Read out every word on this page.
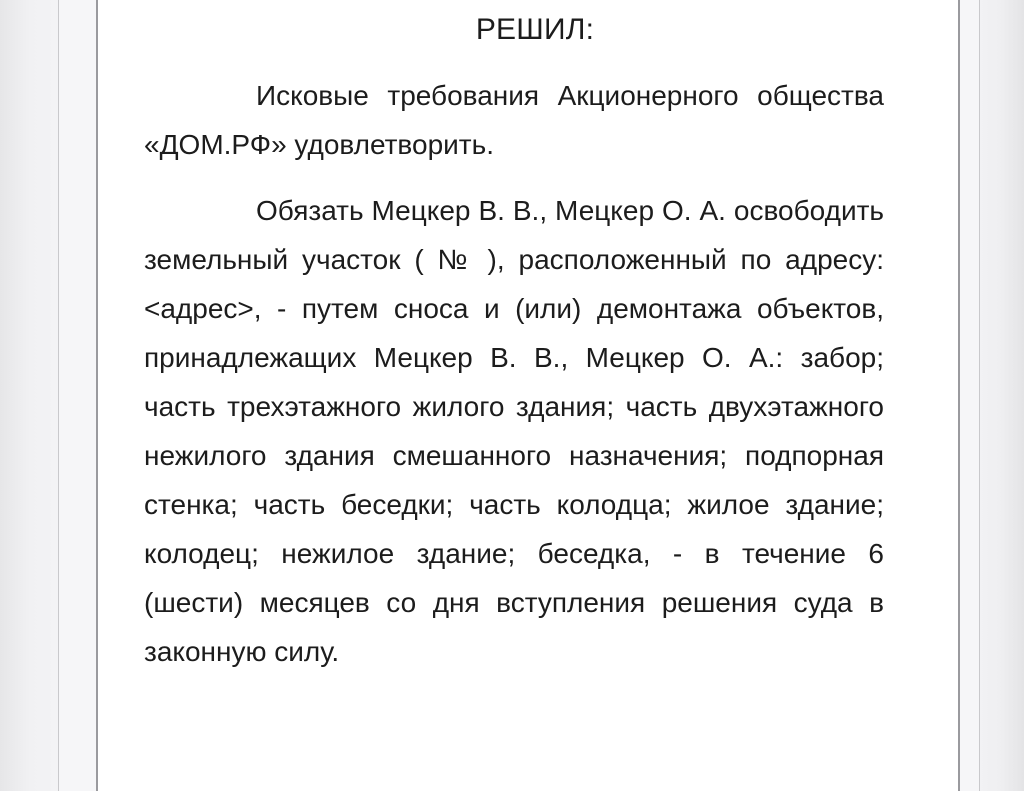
РЕШИЛ:

Исковые требования Акционерного общества «ДОМ.РФ» удовлетворить.

Обязать Мецкер В. В., Мецкер О. А. освободить земельный участок ( № ), расположенный по адресу: <адрес>, - путем сноса и (или) демонтажа объектов, принадлежащих Мецкер В. В., Мецкер О. А.: забор; часть трехэтажного жилого здания; часть двухэтажного нежилого здания смешанного назначения; подпорная стенка; часть беседки; часть колодца; жилое здание; колодец; нежилое здание; беседка, - в течение 6 (шести) месяцев со дня вступления решения суда в законную силу.
